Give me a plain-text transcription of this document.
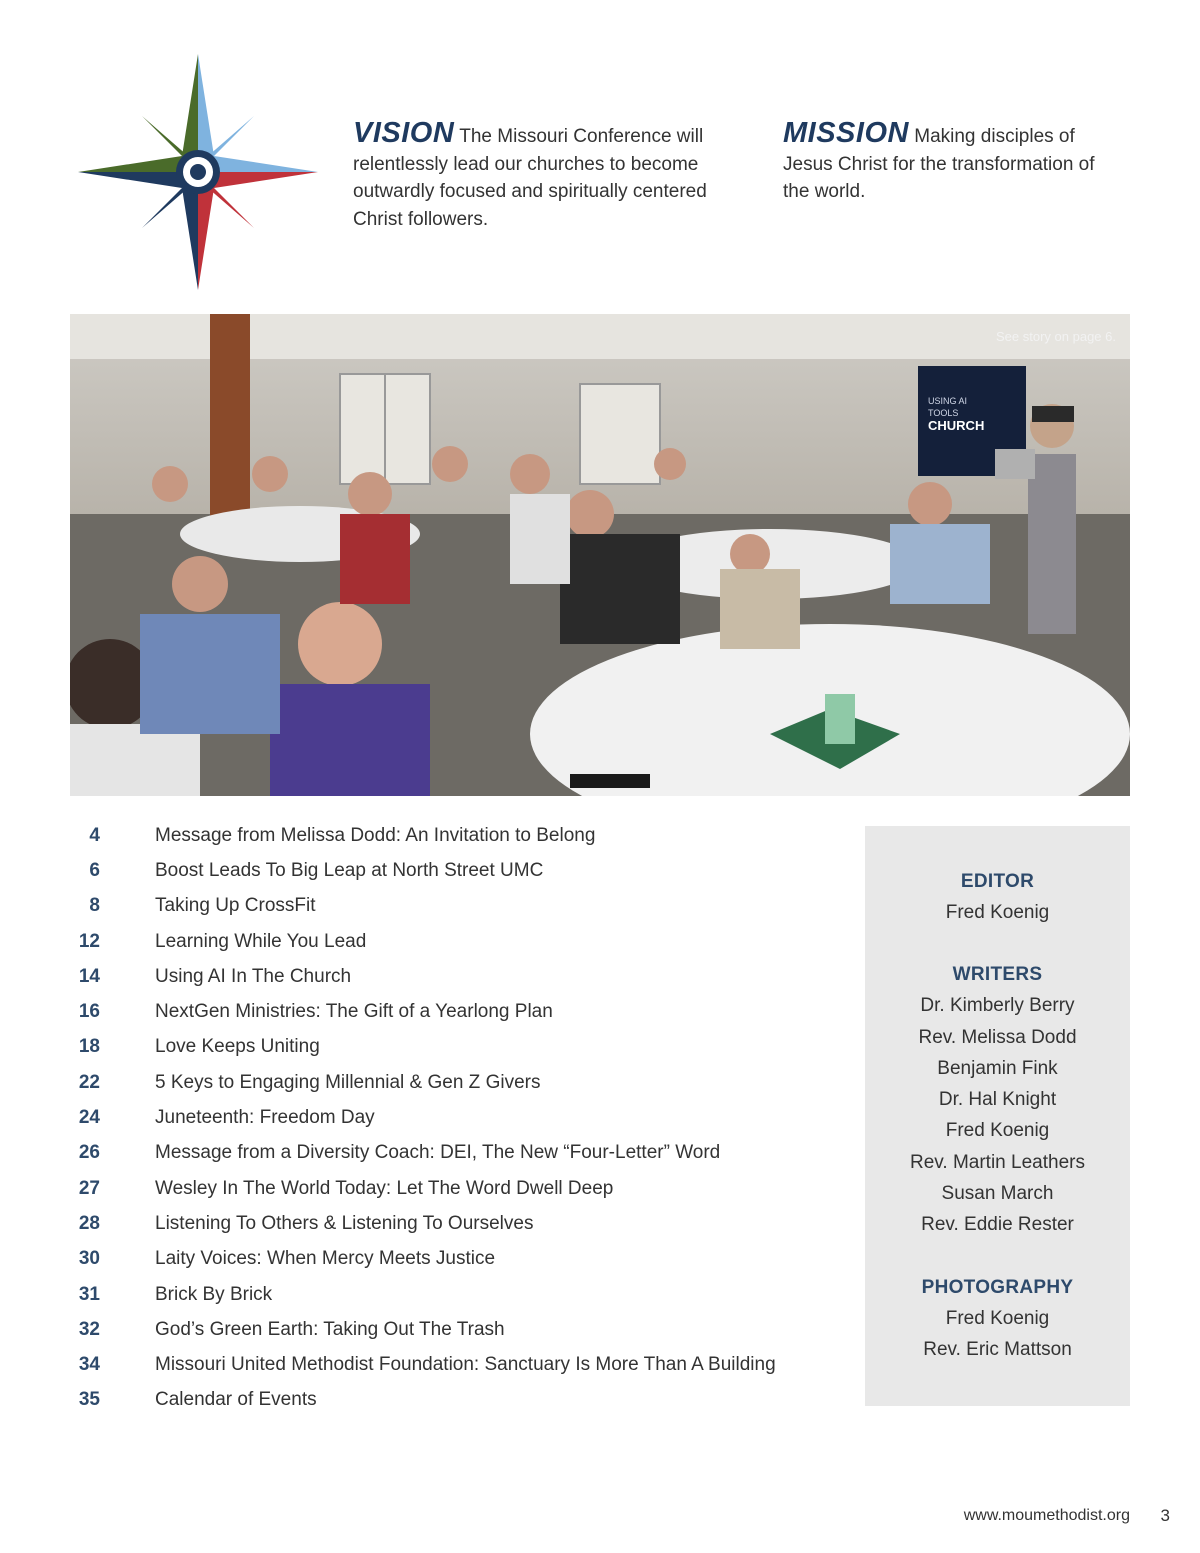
VISION The Missouri Conference will relentlessly lead our churches to become outwardly focused and spiritually centered Christ followers.
MISSION Making disciples of Jesus Christ for the transformation of the world.
USING AI
TOOLS
CHURCH
See story on page 6.
4	Message from Melissa Dodd: An Invitation to Belong
6	Boost Leads To Big Leap at North Street UMC
8	Taking Up CrossFit
12	Learning While You Lead
14	Using AI In The Church
16	NextGen Ministries: The Gift of a Yearlong Plan
18	Love Keeps Uniting
22	5 Keys to Engaging Millennial & Gen Z Givers
24	Juneteenth: Freedom Day
26	Message from a Diversity Coach: DEI, The New “Four-Letter” Word
27	Wesley In The World Today: Let The Word Dwell Deep
28	Listening To Others & Listening To Ourselves
30	Laity Voices: When Mercy Meets Justice
31	Brick By Brick
32	God’s Green Earth: Taking Out The Trash
34	Missouri United Methodist Foundation: Sanctuary Is More Than A Building
35	Calendar of Events
EDITOR
Fred Koenig
WRITERS
Dr. Kimberly Berry
Rev. Melissa Dodd
Benjamin Fink
Dr. Hal Knight
Fred Koenig
Rev. Martin Leathers
Susan March
Rev. Eddie Rester
PHOTOGRAPHY
Fred Koenig
Rev. Eric Mattson
www.moumethodist.org 3
